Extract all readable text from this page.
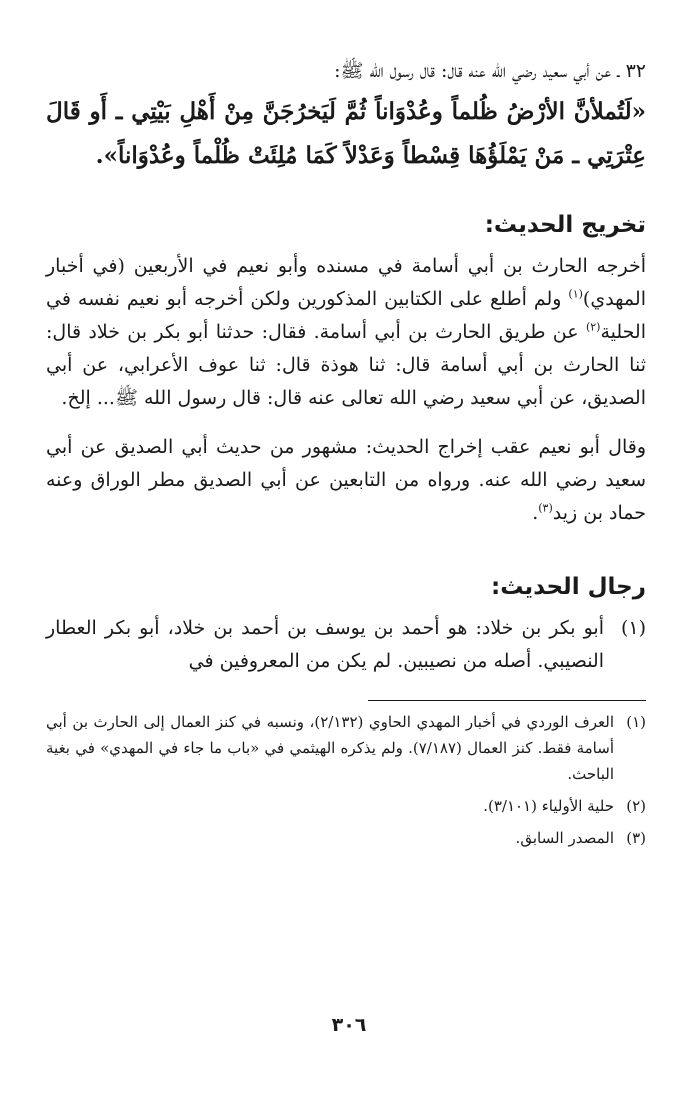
٣٢ ـ عن أبي سعيد رضي الله عنه قال: قال رسول الله ﷺ:

«لَتُملأنَّ الأرْضُ ظُلماً وعُدْوَاناً ثُمَّ لَيَخرُجَنَّ مِنْ أَهْلِ بَيْتِي ـ أَو قَالَ عِتْرَتِي ـ مَنْ يَمْلَؤُهَا قِسْطاً وَعَدْلاً كَمَا مُلِئَتْ ظُلْماً وعُدْوَاناً».

تخريج الحديث:

أخرجه الحارث بن أبي أسامة في مسنده وأبو نعيم في الأربعين (في أخبار المهدي)$^{(١)}$ ولم أطلع على الكتابين المذكورين ولكن أخرجه أبو نعيم نفسه في الحلية$^{(٢)}$ عن طريق الحارث بن أبي أسامة. فقال: حدثنا أبو بكر بن خلاد قال: ثنا الحارث بن أبي أسامة قال: ثنا هوذة قال: ثنا عوف الأعرابي، عن أبي الصديق، عن أبي سعيد رضي الله تعالى عنه قال: قال رسول الله ﷺ... إلخ.

وقال أبو نعيم عقب إخراج الحديث: مشهور من حديث أبي الصديق عن أبي سعيد رضي الله عنه. ورواه من التابعين عن أبي الصديق مطر الوراق وعنه حماد بن زيد$^{(٣)}$.

رجال الحديث:
(١)

أبو بكر بن خلاد: هو أحمد بن يوسف بن أحمد بن خلاد، أبو بكر العطار النصيبي. أصله من نصيبين. لم يكن من المعروفين في

(١)
العرف الوردي في أخبار المهدي الحاوي (٢/١٣٢)، ونسبه في كنز العمال إلى الحارث بن أبي أسامة فقط. كنز العمال (٧/١٨٧). ولم يذكره الهيثمي في «باب ما جاء في المهدي» في بغية الباحث.
(٢)
حلية الأولياء (٣/١٠١).
(٣)
المصدر السابق.
٣٠٦
